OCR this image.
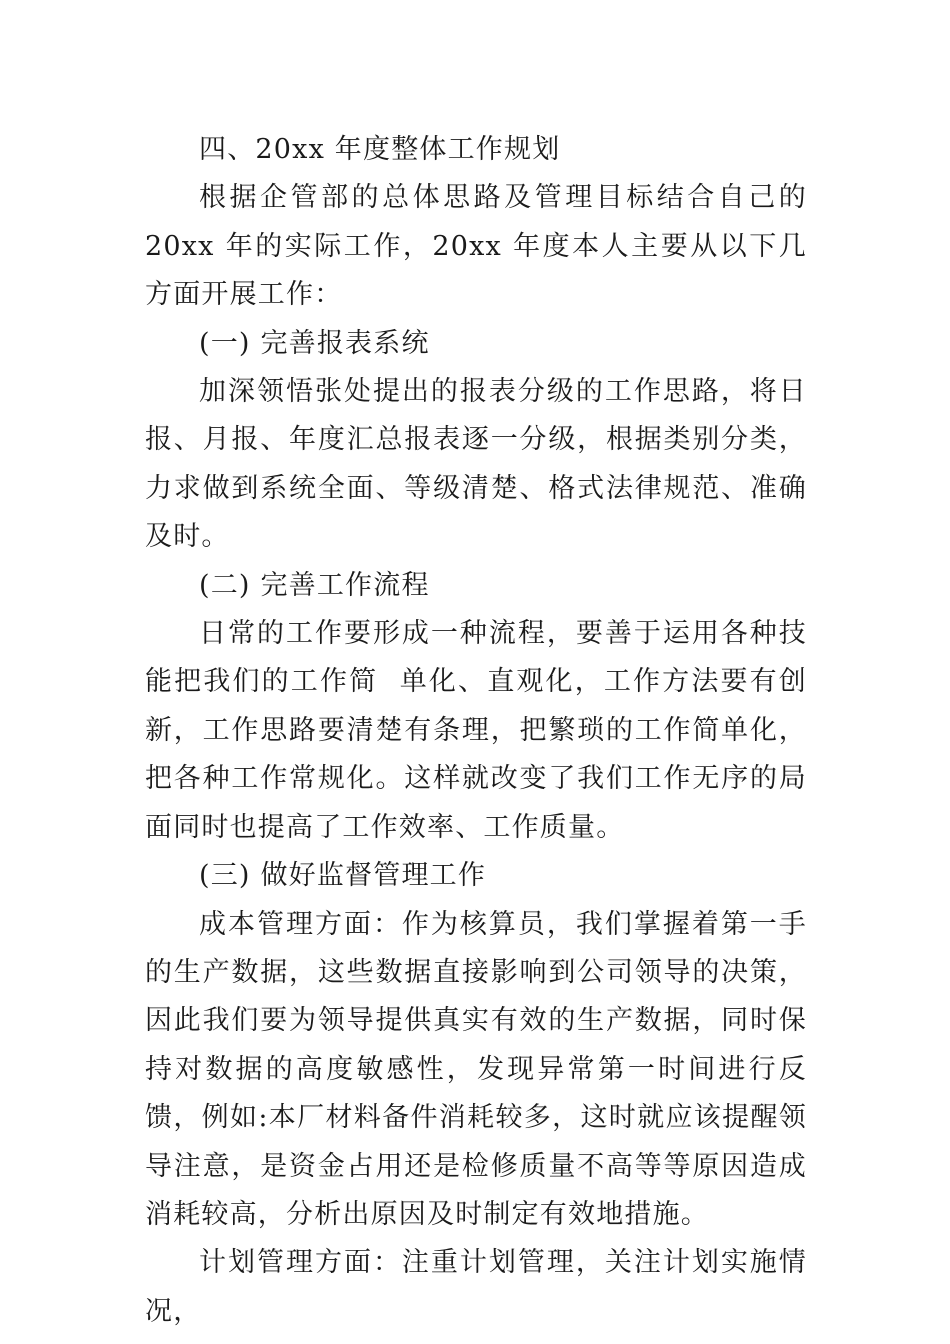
四、20xx 年度整体工作规划

根据企管部的总体思路及管理目标结合自己的 20xx 年的实际工作，20xx 年度本人主要从以下几方面开展工作：

(一) 完善报表系统

加深领悟张处提出的报表分级的工作思路，将日报、月报、年度汇总报表逐一分级，根据类别分类，力求做到系统全面、等级清楚、格式法律规范、准确及时。

(二) 完善工作流程

日常的工作要形成一种流程，要善于运用各种技能把我们的工作简  单化、直观化，工作方法要有创新，工作思路要清楚有条理，把繁琐的工作简单化，把各种工作常规化。这样就改变了我们工作无序的局面同时也提高了工作效率、工作质量。

(三) 做好监督管理工作

成本管理方面：作为核算员，我们掌握着第一手的生产数据，这些数据直接影响到公司领导的决策，因此我们要为领导提供真实有效的生产数据，同时保持对数据的高度敏感性，发现异常第一时间进行反馈，例如:本厂材料备件消耗较多，这时就应该提醒领导注意，是资金占用还是检修质量不高等等原因造成消耗较高，分析出原因及时制定有效地措施。

计划管理方面：注重计划管理，关注计划实施情况，
